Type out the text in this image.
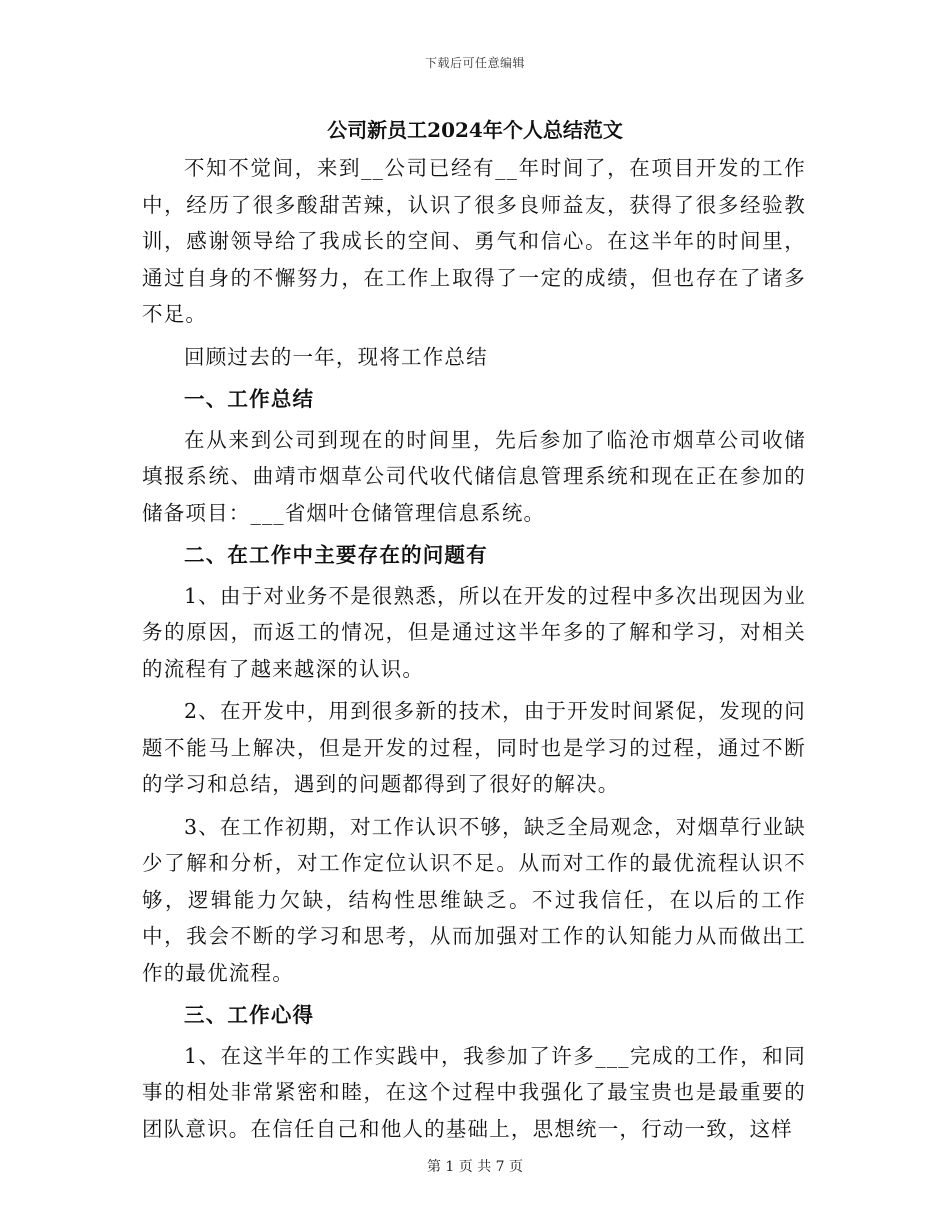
下载后可任意编辑
公司新员工2024年个人总结范文

不知不觉间，来到__公司已经有__年时间了，在项目开发的工作中，经历了很多酸甜苦辣，认识了很多良师益友，获得了很多经验教训，感谢领导给了我成长的空间、勇气和信心。在这半年的时间里，通过自身的不懈努力，在工作上取得了一定的成绩，但也存在了诸多不足。

回顾过去的一年，现将工作总结

一、工作总结

在从来到公司到现在的时间里，先后参加了临沧市烟草公司收储填报系统、曲靖市烟草公司代收代储信息管理系统和现在正在参加的储备项目：___省烟叶仓储管理信息系统。

二、在工作中主要存在的问题有

1、由于对业务不是很熟悉，所以在开发的过程中多次出现因为业务的原因，而返工的情况，但是通过这半年多的了解和学习，对相关的流程有了越来越深的认识。

2、在开发中，用到很多新的技术，由于开发时间紧促，发现的问题不能马上解决，但是开发的过程，同时也是学习的过程，通过不断的学习和总结，遇到的问题都得到了很好的解决。

3、在工作初期，对工作认识不够，缺乏全局观念，对烟草行业缺少了解和分析，对工作定位认识不足。从而对工作的最优流程认识不够，逻辑能力欠缺，结构性思维缺乏。不过我信任，在以后的工作中，我会不断的学习和思考，从而加强对工作的认知能力从而做出工作的最优流程。

三、工作心得

1、在这半年的工作实践中，我参加了许多___完成的工作，和同事的相处非常紧密和睦，在这个过程中我强化了最宝贵也是最重要的团队意识。在信任自己和他人的基础上，思想统一，行动一致，这样

第 1 页 共 7 页
